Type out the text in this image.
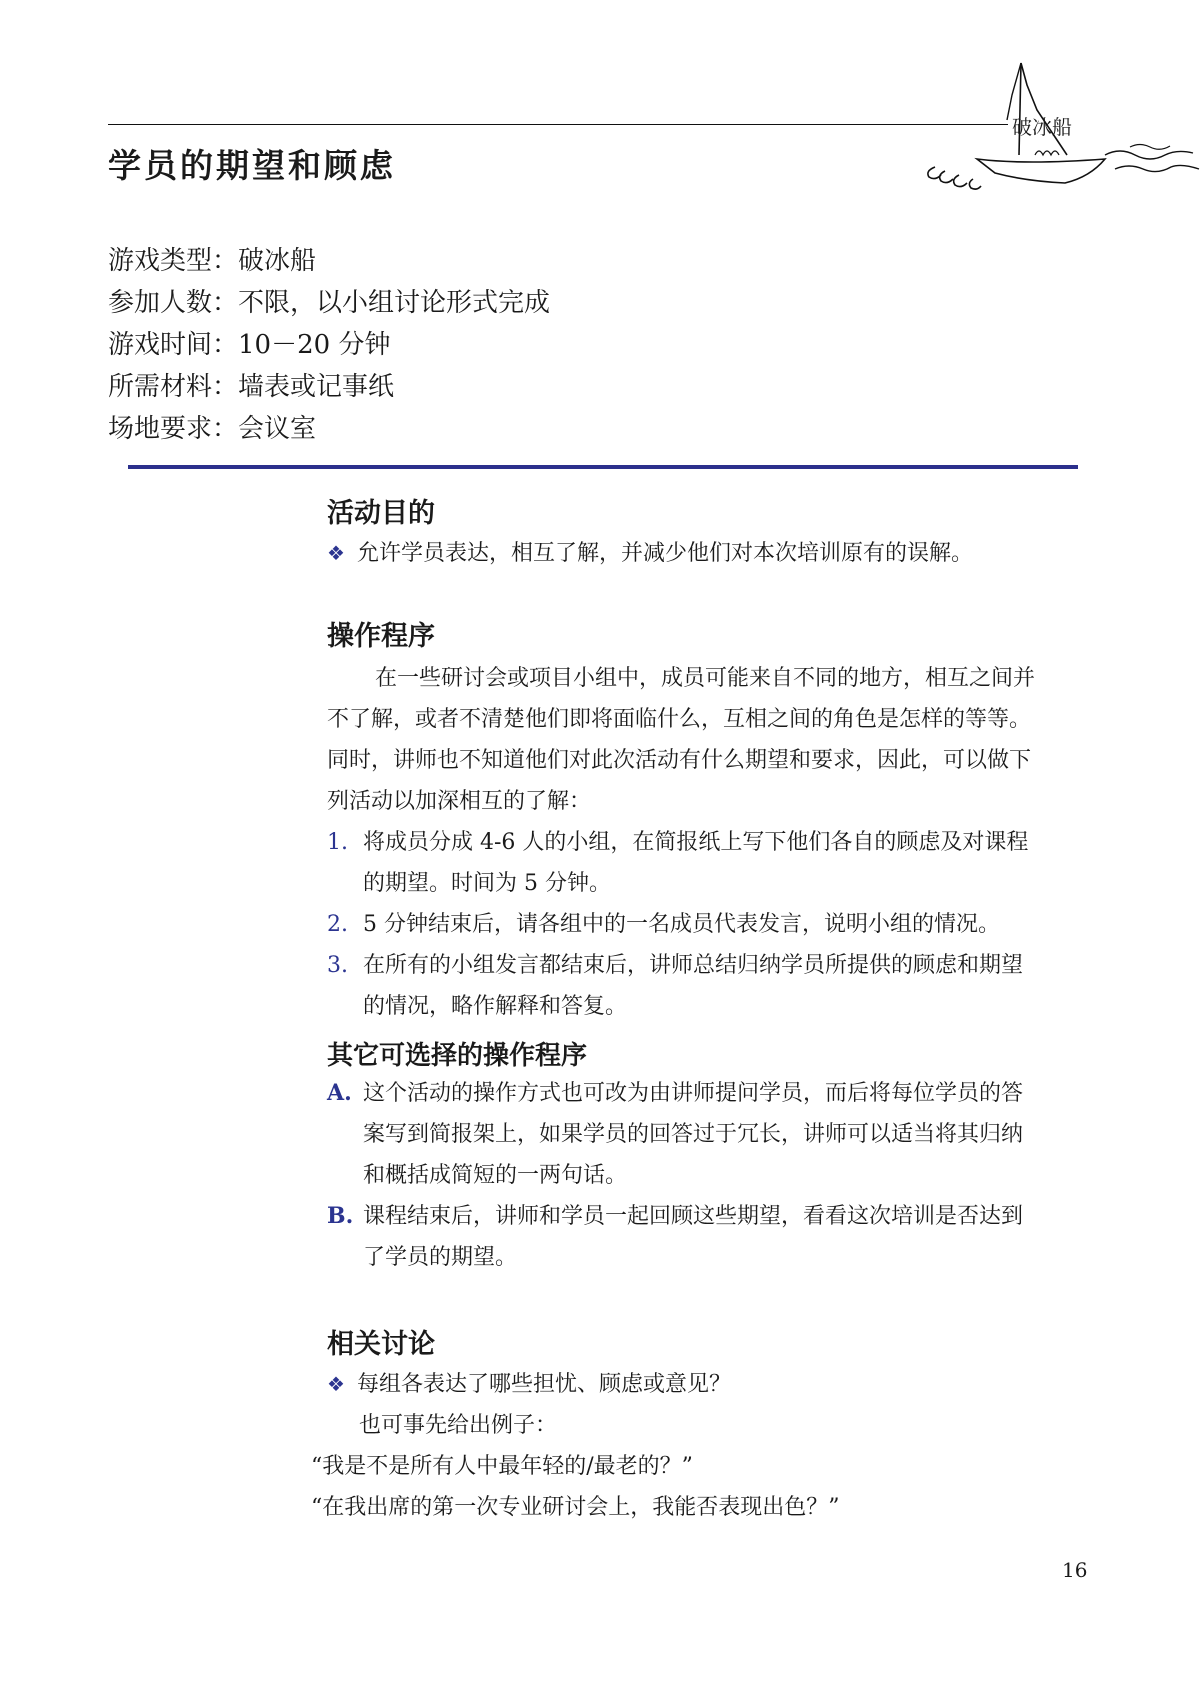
学员的期望和顾虑
破冰船
游戏类型：破冰船
参加人数：不限，以小组讨论形式完成
游戏时间：10－20 分钟
所需材料：墙表或记事纸
场地要求：会议室
活动目的
❖ 允许学员表达，相互了解，并减少他们对本次培训原有的误解。
操作程序
在一些研讨会或项目小组中，成员可能来自不同的地方，相互之间并
不了解，或者不清楚他们即将面临什么，互相之间的角色是怎样的等等。
同时，讲师也不知道他们对此次活动有什么期望和要求，因此，可以做下
列活动以加深相互的了解：
1. 将成员分成 4-6 人的小组，在简报纸上写下他们各自的顾虑及对课程
的期望。时间为 5 分钟。
2. 5 分钟结束后，请各组中的一名成员代表发言，说明小组的情况。
3. 在所有的小组发言都结束后，讲师总结归纳学员所提供的顾虑和期望
的情况，略作解释和答复。
其它可选择的操作程序
A. 这个活动的操作方式也可改为由讲师提问学员，而后将每位学员的答
案写到简报架上，如果学员的回答过于冗长，讲师可以适当将其归纳
和概括成简短的一两句话。
B. 课程结束后，讲师和学员一起回顾这些期望，看看这次培训是否达到
了学员的期望。
相关讨论
❖ 每组各表达了哪些担忧、顾虑或意见？
也可事先给出例子：
“我是不是所有人中最年轻的/最老的？”
“在我出席的第一次专业研讨会上，我能否表现出色？”
16
